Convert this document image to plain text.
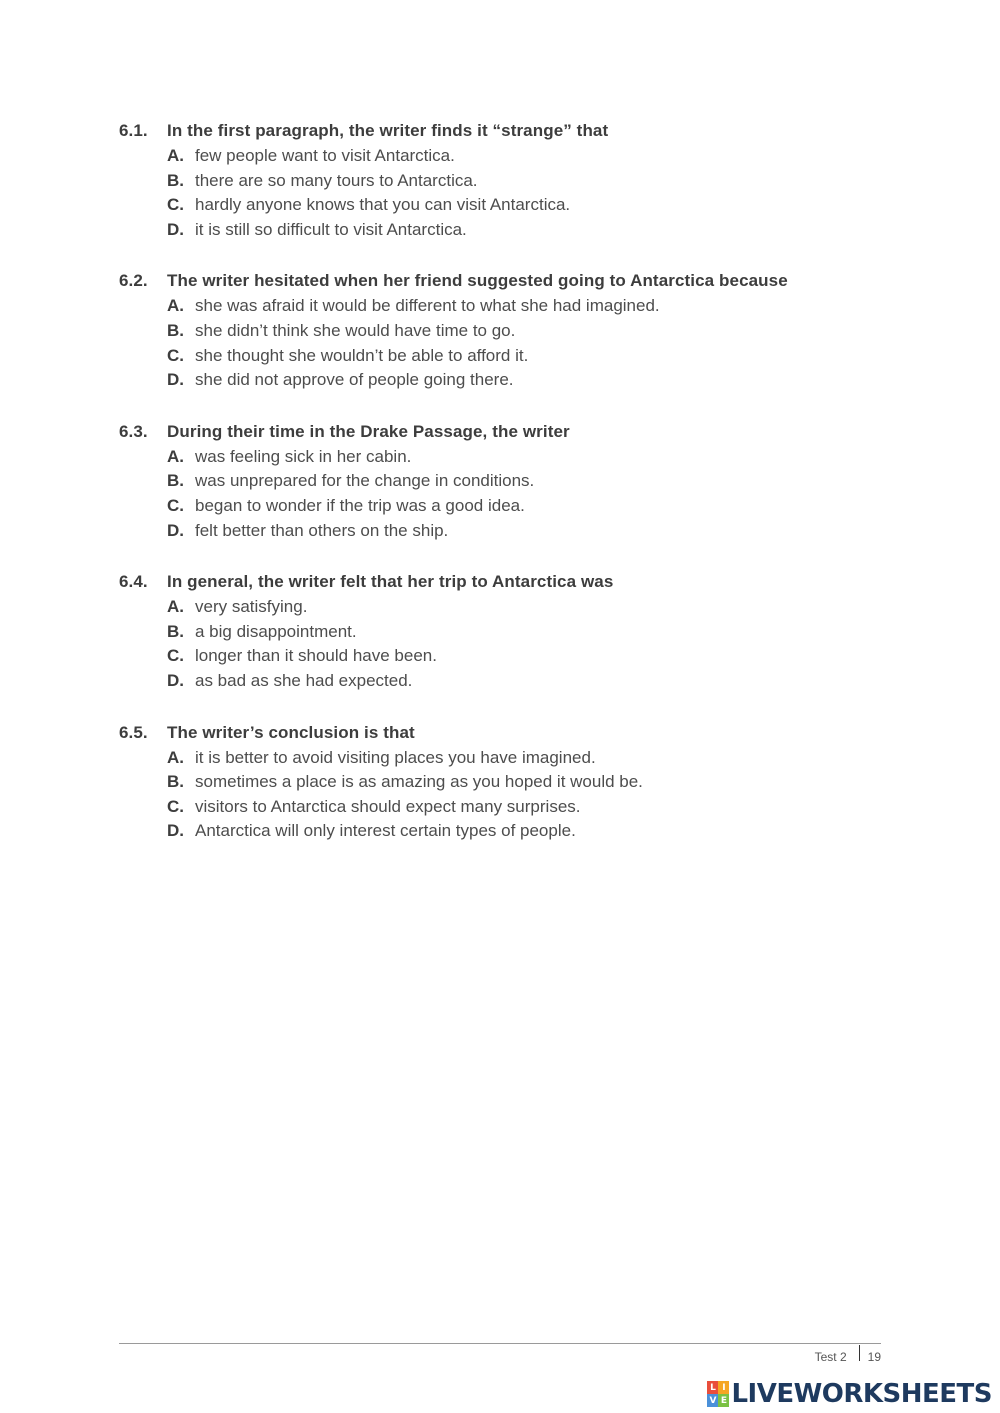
6.1.	In the first paragraph, the writer finds it “strange” that
A. few people want to visit Antarctica.
B. there are so many tours to Antarctica.
C. hardly anyone knows that you can visit Antarctica.
D. it is still so difficult to visit Antarctica.
6.2.	The writer hesitated when her friend suggested going to Antarctica because
A. she was afraid it would be different to what she had imagined.
B. she didn’t think she would have time to go.
C. she thought she wouldn’t be able to afford it.
D. she did not approve of people going there.
6.3.	During their time in the Drake Passage, the writer
A. was feeling sick in her cabin.
B. was unprepared for the change in conditions.
C. began to wonder if the trip was a good idea.
D. felt better than others on the ship.
6.4.	In general, the writer felt that her trip to Antarctica was
A. very satisfying.
B. a big disappointment.
C. longer than it should have been.
D. as bad as she had expected.
6.5.	The writer’s conclusion is that
A. it is better to avoid visiting places you have imagined.
B. sometimes a place is as amazing as you hoped it would be.
C. visitors to Antarctica should expect many surprises.
D. Antarctica will only interest certain types of people.
Test 2 19
L I
V E LIVEWORKSHEETS
